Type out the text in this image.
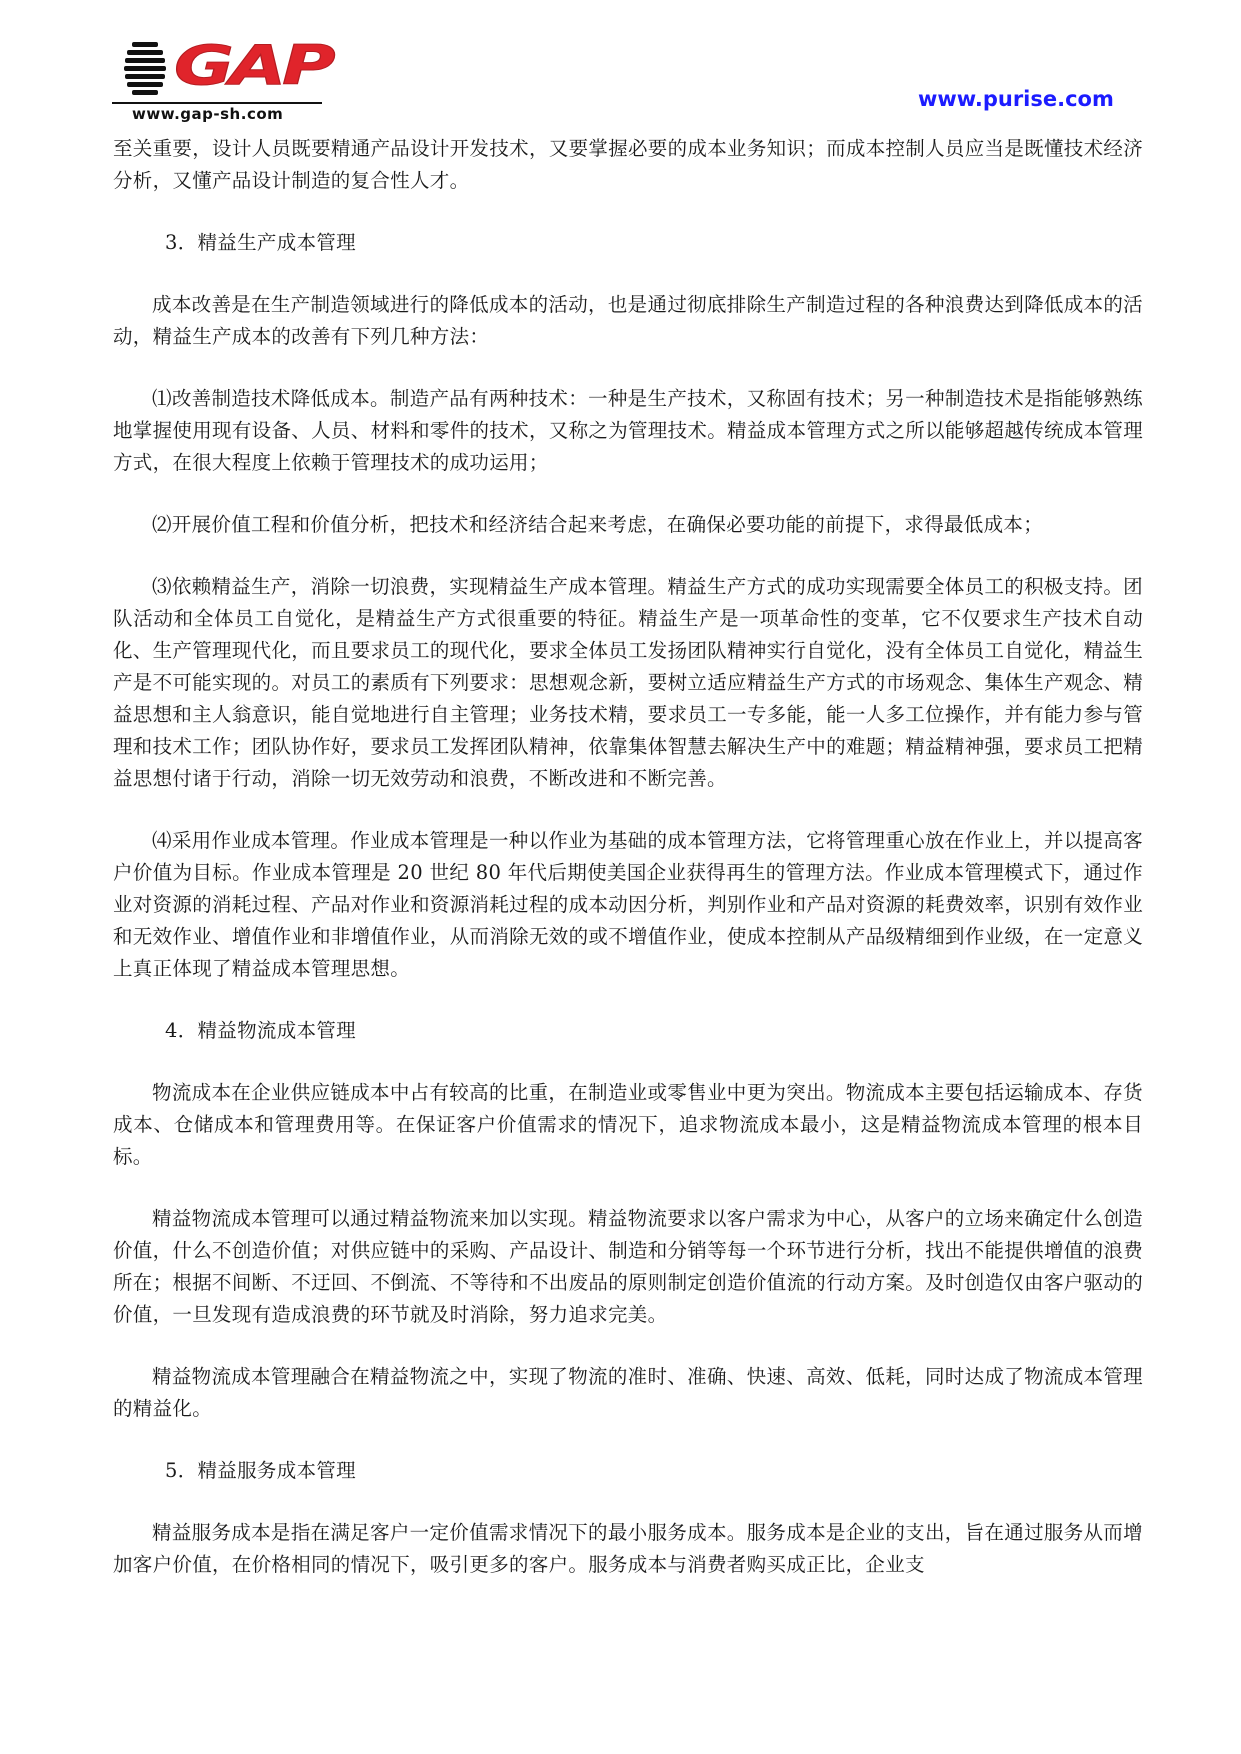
GAP
www.gap-sh.com
www.purise.com

至关重要，设计人员既要精通产品设计开发技术，又要掌握必要的成本业务知识；而成本控制人员应当是既懂技术经济分析，又懂产品设计制造的复合性人才。

3．精益生产成本管理

成本改善是在生产制造领域进行的降低成本的活动，也是通过彻底排除生产制造过程的各种浪费达到降低成本的活动，精益生产成本的改善有下列几种方法：

⑴改善制造技术降低成本。制造产品有两种技术：一种是生产技术，又称固有技术；另一种制造技术是指能够熟练地掌握使用现有设备、人员、材料和零件的技术，又称之为管理技术。精益成本管理方式之所以能够超越传统成本管理方式，在很大程度上依赖于管理技术的成功运用；

⑵开展价值工程和价值分析，把技术和经济结合起来考虑，在确保必要功能的前提下，求得最低成本；

⑶依赖精益生产，消除一切浪费，实现精益生产成本管理。精益生产方式的成功实现需要全体员工的积极支持。团队活动和全体员工自觉化，是精益生产方式很重要的特征。精益生产是一项革命性的变革，它不仅要求生产技术自动化、生产管理现代化，而且要求员工的现代化，要求全体员工发扬团队精神实行自觉化，没有全体员工自觉化，精益生产是不可能实现的。对员工的素质有下列要求：思想观念新，要树立适应精益生产方式的市场观念、集体生产观念、精益思想和主人翁意识，能自觉地进行自主管理；业务技术精，要求员工一专多能，能一人多工位操作，并有能力参与管理和技术工作；团队协作好，要求员工发挥团队精神，依靠集体智慧去解决生产中的难题；精益精神强，要求员工把精益思想付诸于行动，消除一切无效劳动和浪费，不断改进和不断完善。

⑷采用作业成本管理。作业成本管理是一种以作业为基础的成本管理方法，它将管理重心放在作业上，并以提高客户价值为目标。作业成本管理是 20 世纪 80 年代后期使美国企业获得再生的管理方法。作业成本管理模式下，通过作业对资源的消耗过程、产品对作业和资源消耗过程的成本动因分析，判别作业和产品对资源的耗费效率，识别有效作业和无效作业、增值作业和非增值作业，从而消除无效的或不增值作业，使成本控制从产品级精细到作业级，在一定意义上真正体现了精益成本管理思想。

4．精益物流成本管理

物流成本在企业供应链成本中占有较高的比重，在制造业或零售业中更为突出。物流成本主要包括运输成本、存货成本、仓储成本和管理费用等。在保证客户价值需求的情况下，追求物流成本最小，这是精益物流成本管理的根本目标。

精益物流成本管理可以通过精益物流来加以实现。精益物流要求以客户需求为中心，从客户的立场来确定什么创造价值，什么不创造价值；对供应链中的采购、产品设计、制造和分销等每一个环节进行分析，找出不能提供增值的浪费所在；根据不间断、不迂回、不倒流、不等待和不出废品的原则制定创造价值流的行动方案。及时创造仅由客户驱动的价值，一旦发现有造成浪费的环节就及时消除，努力追求完美。

精益物流成本管理融合在精益物流之中，实现了物流的准时、准确、快速、高效、低耗，同时达成了物流成本管理的精益化。

5．精益服务成本管理

精益服务成本是指在满足客户一定价值需求情况下的最小服务成本。服务成本是企业的支出，旨在通过服务从而增加客户价值，在价格相同的情况下，吸引更多的客户。服务成本与消费者购买成正比，企业支
